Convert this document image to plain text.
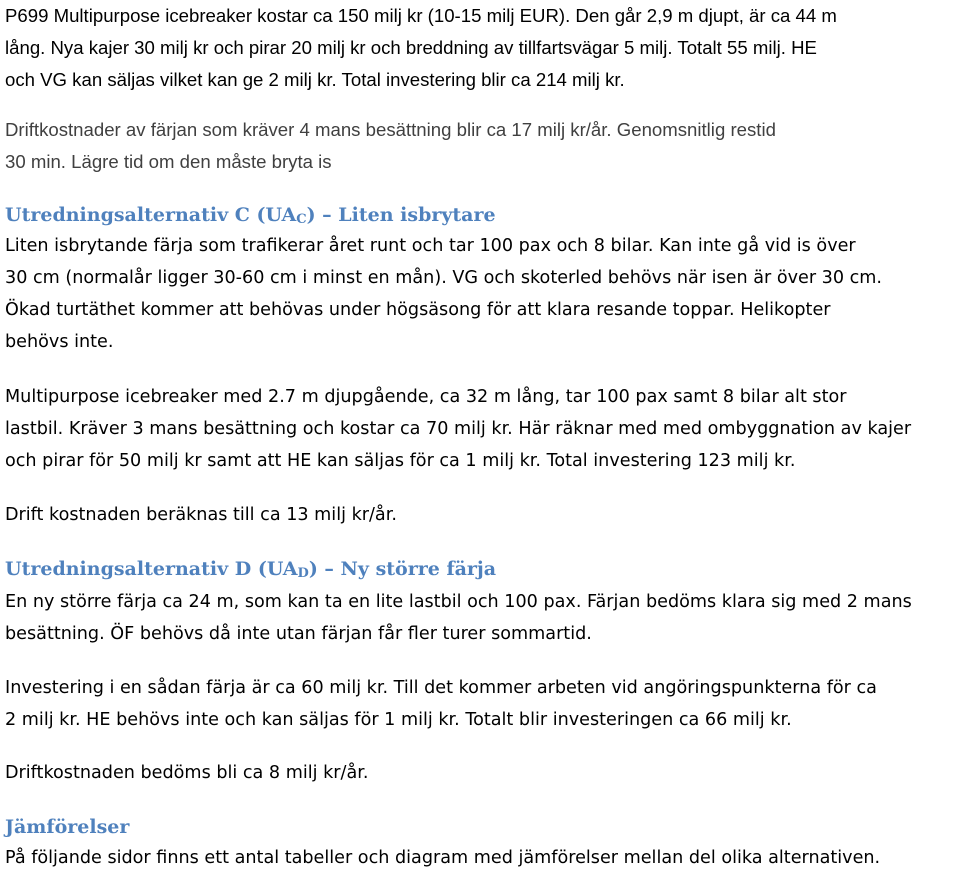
P699 Multipurpose icebreaker kostar ca 150 milj kr (10-15 milj EUR). Den går 2,9 m djupt, är ca 44 m
lång. Nya kajer 30 milj kr och pirar 20 milj kr och breddning av tillfartsvägar 5 milj. Totalt 55 milj. HE
och VG kan säljas vilket kan ge 2 milj kr. Total investering blir ca 214 milj kr.

Driftkostnader av färjan som kräver 4 mans besättning blir ca 17 milj kr/år. Genomsnitlig restid
30 min. Lägre tid om den måste bryta is

Utredningsalternativ C $(UA_C)$ – Liten isbrytare

Liten isbrytande färja som trafikerar året runt och tar 100 pax och 8 bilar. Kan inte gå vid is över
30 cm (normalår ligger 30-60 cm i minst en mån). VG och skoterled behövs när isen är över 30 cm.
Ökad turtäthet kommer att behövas under högsäsong för att klara resande toppar. Helikopter
behövs inte.

Multipurpose icebreaker med 2.7 m djupgående, ca 32 m lång, tar 100 pax samt 8 bilar alt stor
lastbil. Kräver 3 mans besättning och kostar ca 70 milj kr. Här räknar med med ombyggnation av kajer
och pirar för 50 milj kr samt att HE kan säljas för ca 1 milj kr. Total investering 123 milj kr.

Drift kostnaden beräknas till ca 13 milj kr/år.

Utredningsalternativ D $(UA_D)$ – Ny större färja

En ny större färja ca 24 m, som kan ta en lite lastbil och 100 pax. Färjan bedöms klara sig med 2 mans
besättning. ÖF behövs då inte utan färjan får fler turer sommartid.

Investering i en sådan färja är ca 60 milj kr. Till det kommer arbeten vid angöringspunkterna för ca
2 milj kr. HE behövs inte och kan säljas för 1 milj kr. Totalt blir investeringen ca 66 milj kr.

Driftkostnaden bedöms bli ca 8 milj kr/år.

Jämförelser

På följande sidor finns ett antal tabeller och diagram med jämförelser mellan del olika alternativen.
